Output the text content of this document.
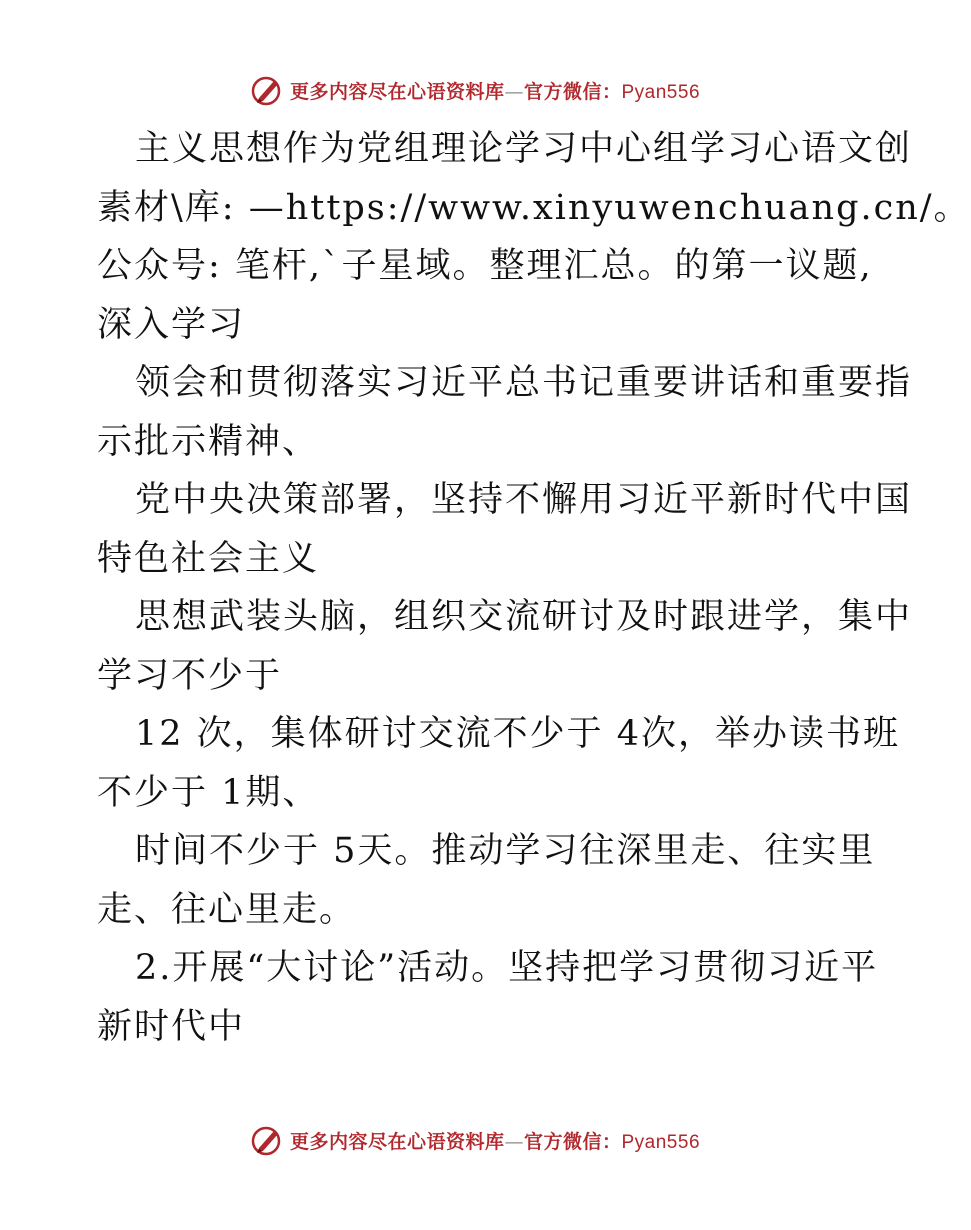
更多内容尽在心语资料库—官方微信：Pyan556
主义思想作为党组理论学习中心组学习心语文创
素材\库: —https://www.xinyuwenchuang.cn/。
公众号: 笔杆,`子星域。整理汇总。的第一议题,
深入学习
领会和贯彻落实习近平总书记重要讲话和重要指
示批示精神、
党中央决策部署，坚持不懈用习近平新时代中国
特色社会主义
思想武装头脑，组织交流研讨及时跟进学，集中
学习不少于
12 次，集体研讨交流不少于 4次，举办读书班
不少于 1期、
时间不少于 5天。推动学习往深里走、往实里
走、往心里走。
2.开展“大讨论”活动。坚持把学习贯彻习近平
新时代中
更多内容尽在心语资料库—官方微信：Pyan556
